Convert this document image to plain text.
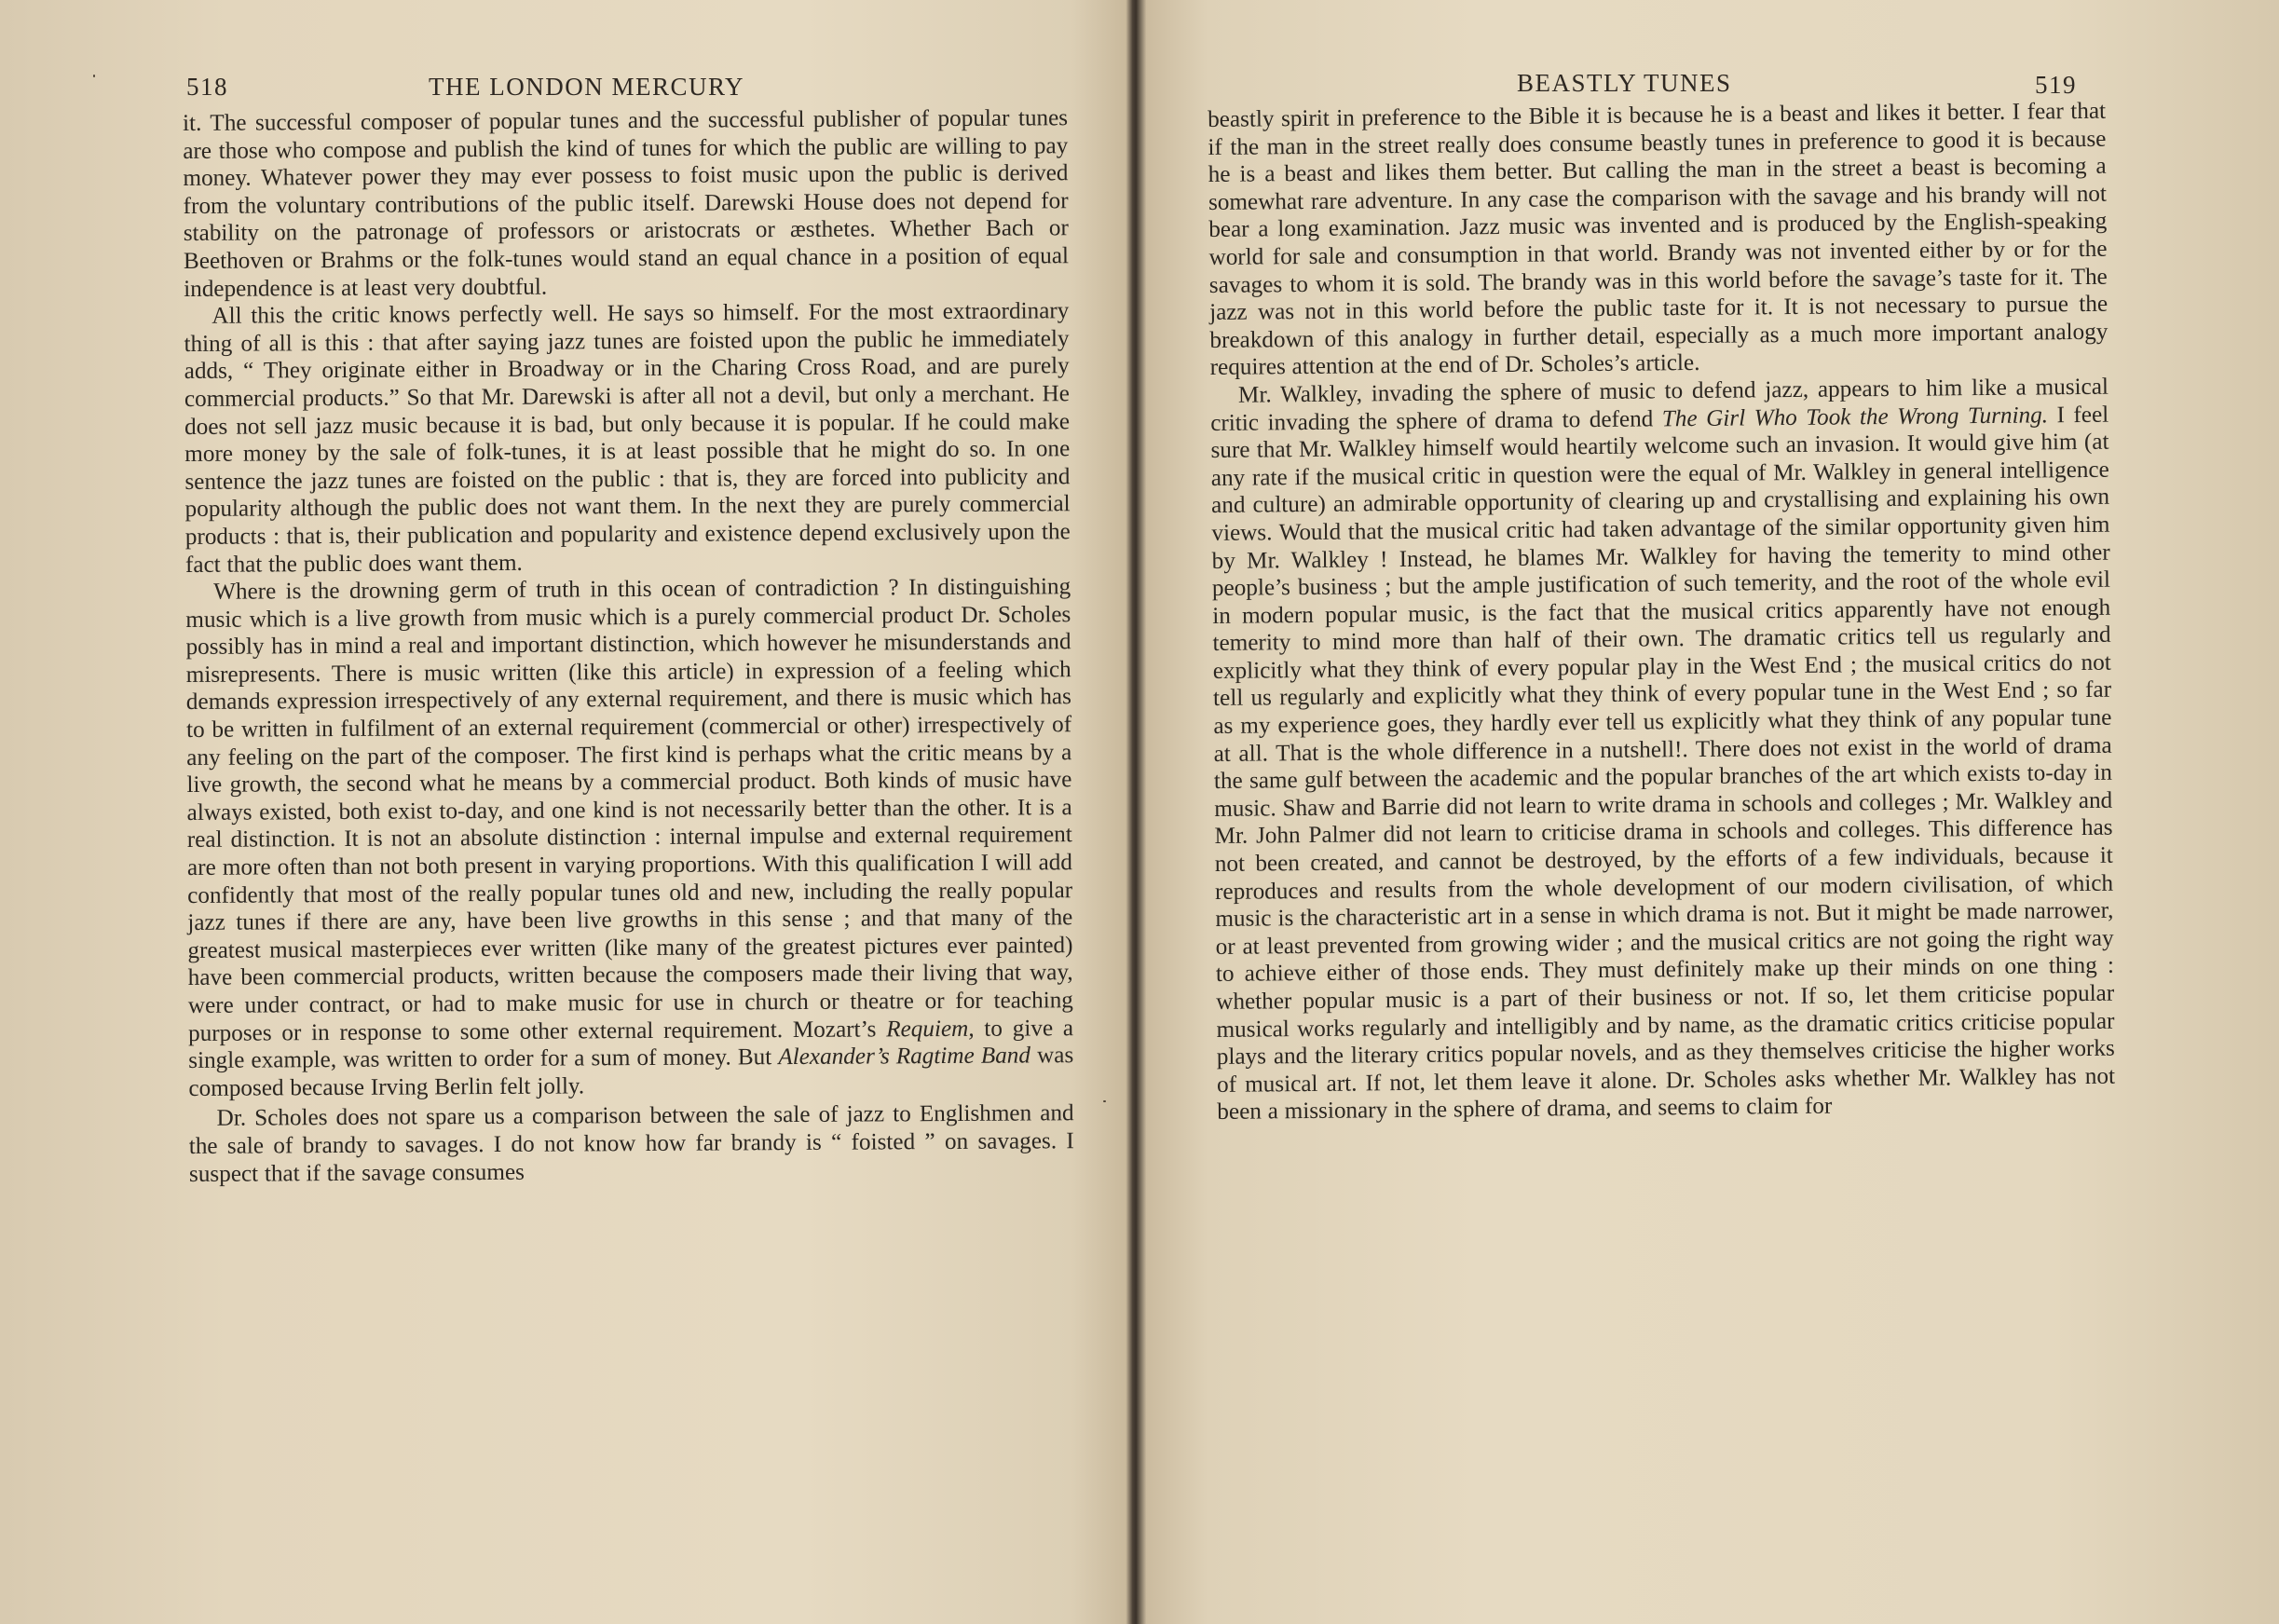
518	THE LONDON MERCURY

it. The successful composer of popular tunes and the successful publisher of popular tunes are those who compose and publish the kind of tunes for which the public are willing to pay money. Whatever power they may ever possess to foist music upon the public is derived from the voluntary contributions of the public itself. Darewski House does not depend for stability on the patronage of professors or aristocrats or æsthetes. Whether Bach or Beethoven or Brahms or the folk-tunes would stand an equal chance in a position of equal independence is at least very doubtful.

All this the critic knows perfectly well. He says so himself. For the most extraordinary thing of all is this : that after saying jazz tunes are foisted upon the public he immediately adds, “ They originate either in Broadway or in the Charing Cross Road, and are purely commercial products.” So that Mr. Darewski is after all not a devil, but only a merchant. He does not sell jazz music because it is bad, but only because it is popular. If he could make more money by the sale of folk-tunes, it is at least possible that he might do so. In one sentence the jazz tunes are foisted on the public : that is, they are forced into publicity and popularity although the public does not want them. In the next they are purely commercial products : that is, their publication and popularity and existence depend exclusively upon the fact that the public does want them.

Where is the drowning germ of truth in this ocean of contradiction ? In distinguishing music which is a live growth from music which is a purely commercial product Dr. Scholes possibly has in mind a real and important distinction, which however he misunderstands and misrepresents. There is music written (like this article) in expression of a feeling which demands expression irrespectively of any external requirement, and there is music which has to be written in fulfilment of an external requirement (commercial or other) irrespectively of any feeling on the part of the composer. The first kind is perhaps what the critic means by a live growth, the second what he means by a commercial product. Both kinds of music have always existed, both exist to-day, and one kind is not necessarily better than the other. It is a real distinction. It is not an absolute distinction : internal impulse and external requirement are more often than not both present in varying proportions. With this qualification I will add confidently that most of the really popular tunes old and new, including the really popular jazz tunes if there are any, have been live growths in this sense ; and that many of the greatest musical masterpieces ever written (like many of the greatest pictures ever painted) have been commercial products, written because the composers made their living that way, were under contract, or had to make music for use in church or theatre or for teaching purposes or in response to some other external requirement. Mozart’s Requiem, to give a single example, was written to order for a sum of money. But Alexander’s Ragtime Band was composed because Irving Berlin felt jolly.

Dr. Scholes does not spare us a comparison between the sale of jazz to Englishmen and the sale of brandy to savages. I do not know how far brandy is “ foisted ” on savages. I suspect that if the savage consumes

BEASTLY TUNES	519

beastly spirit in preference to the Bible it is because he is a beast and likes it better. I fear that if the man in the street really does consume beastly tunes in preference to good it is because he is a beast and likes them better. But calling the man in the street a beast is becoming a somewhat rare adventure. In any case the comparison with the savage and his brandy will not bear a long examination. Jazz music was invented and is produced by the English-speaking world for sale and consumption in that world. Brandy was not invented either by or for the savages to whom it is sold. The brandy was in this world before the savage’s taste for it. The jazz was not in this world before the public taste for it. It is not necessary to pursue the breakdown of this analogy in further detail, especially as a much more important analogy requires attention at the end of Dr. Scholes’s article.

Mr. Walkley, invading the sphere of music to defend jazz, appears to him like a musical critic invading the sphere of drama to defend The Girl Who Took the Wrong Turning. I feel sure that Mr. Walkley himself would heartily welcome such an invasion. It would give him (at any rate if the musical critic in question were the equal of Mr. Walkley in general intelligence and culture) an admirable opportunity of clearing up and crystallising and explaining his own views. Would that the musical critic had taken advantage of the similar opportunity given him by Mr. Walkley ! Instead, he blames Mr. Walkley for having the temerity to mind other people’s business ; but the ample justification of such temerity, and the root of the whole evil in modern popular music, is the fact that the musical critics apparently have not enough temerity to mind more than half of their own. The dramatic critics tell us regularly and explicitly what they think of every popular play in the West End ; the musical critics do not tell us regularly and explicitly what they think of every popular tune in the West End ; so far as my experience goes, they hardly ever tell us explicitly what they think of any popular tune at all. That is the whole difference in a nutshell!. There does not exist in the world of drama the same gulf between the academic and the popular branches of the art which exists to-day in music. Shaw and Barrie did not learn to write drama in schools and colleges ; Mr. Walkley and Mr. John Palmer did not learn to criticise drama in schools and colleges. This difference has not been created, and cannot be destroyed, by the efforts of a few individuals, because it reproduces and results from the whole development of our modern civilisation, of which music is the characteristic art in a sense in which drama is not. But it might be made narrower, or at least prevented from growing wider ; and the musical critics are not going the right way to achieve either of those ends. They must definitely make up their minds on one thing : whether popular music is a part of their business or not. If so, let them criticise popular musical works regularly and intelligibly and by name, as the dramatic critics criticise popular plays and the literary critics popular novels, and as they themselves criticise the higher works of musical art. If not, let them leave it alone. Dr. Scholes asks whether Mr. Walkley has not been a missionary in the sphere of drama, and seems to claim for
